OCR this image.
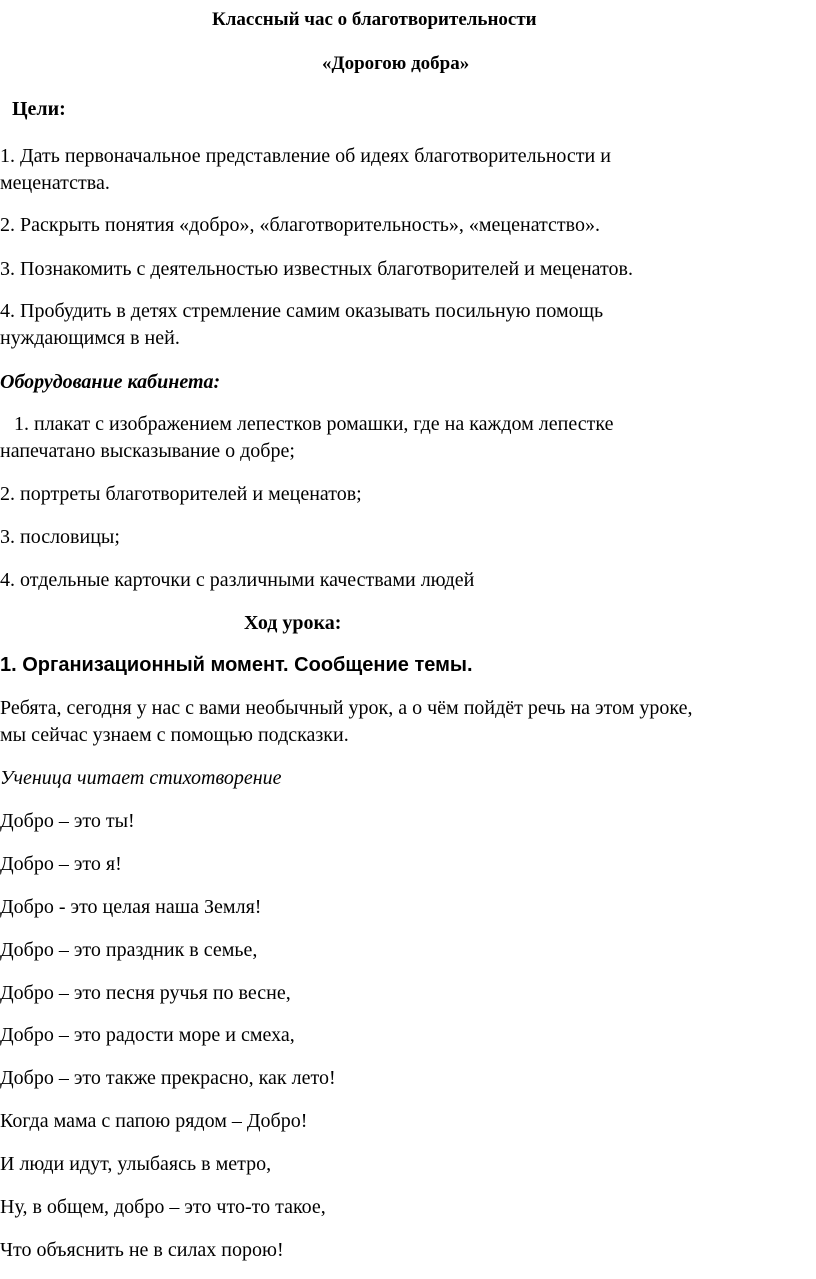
Классный час о благотворительности

«Дорогою добра»

Цели:

1. Дать первоначальное представление об идеях благотворительности и

меценатства.

2. Раскрыть понятия «добро», «благотворительность», «меценатство».

3. Познакомить с деятельностью известных благотворителей и меценатов.

4. Пробудить в детях стремление самим оказывать посильную помощь

нуждающимся в ней.

Оборудование кабинета:

1. плакат с изображением лепестков ромашки, где на каждом лепестке

напечатано высказывание о добре;

2. портреты благотворителей и меценатов;

3. пословицы;

4. отдельные карточки с различными качествами людей

Ход урока:

1. Организационный момент. Сообщение темы.

Ребята, сегодня у нас с вами необычный урок, а о чём пойдёт речь на этом уроке,

мы сейчас узнаем с помощью подсказки.

Ученица читает стихотворение

Добро – это ты!

Добро – это я!

Добро - это целая наша Земля!

Добро – это праздник в семье,

Добро – это песня ручья по весне,

Добро – это радости море и смеха,

Добро – это также прекрасно, как лето!

Когда мама с папою рядом – Добро!

И люди идут, улыбаясь в метро,

Ну, в общем, добро – это что-то такое,

Что объяснить не в силах порою!
